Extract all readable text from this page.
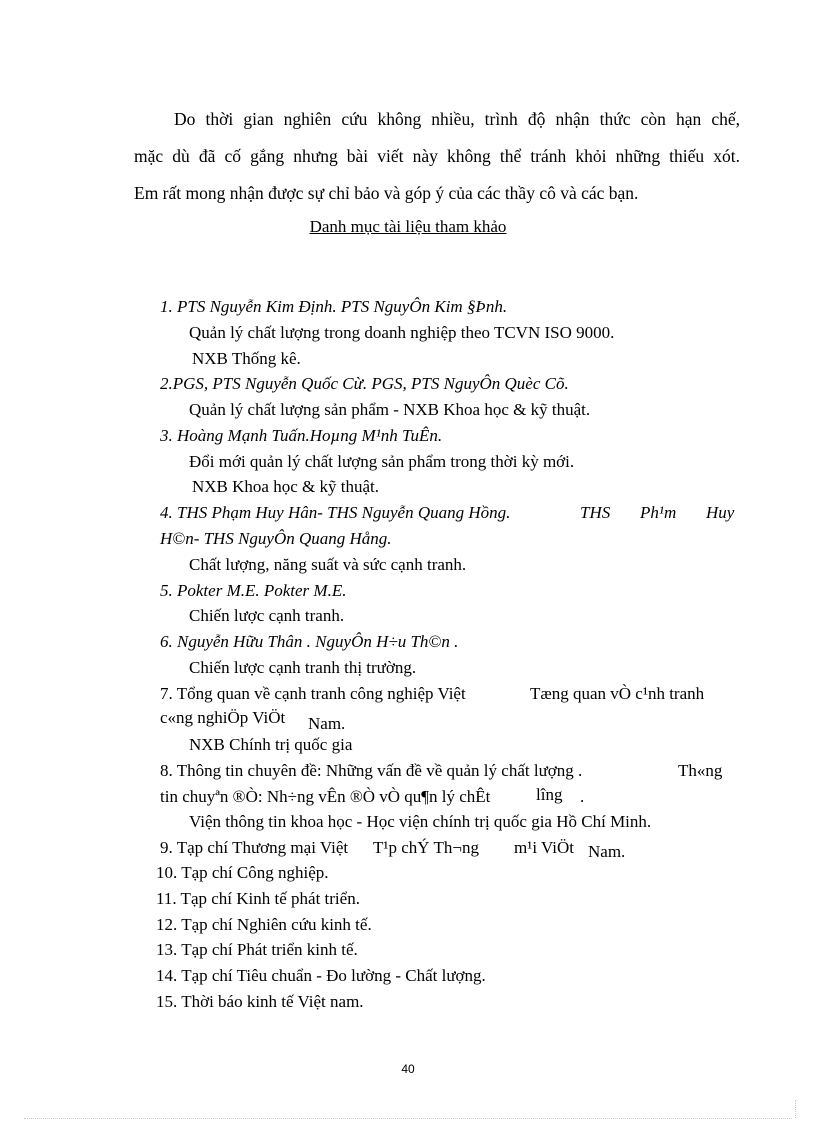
Do thời gian nghiên cứu không nhiều, trình độ nhận thức còn hạn chế,
mặc dù đã cố gắng nhưng bài viết này không thể tránh khỏi những thiếu xót.
Em rất mong nhận được sự chỉ bảo và góp ý của các thầy cô và các bạn.
Danh mục tài liệu tham khảo
1. PTS Nguyễn Kim Định. PTS NguyÔn Kim §Þnh.
Quản lý chất lượng trong doanh nghiệp theo TCVN ISO 9000.
NXB Thống kê.
2.PGS, PTS Nguyễn Quốc Cừ. PGS, PTS NguyÔn Quèc Cõ.
Quản lý chất lượng sản phẩm - NXB Khoa học & kỹ thuật.
3. Hoàng Mạnh Tuấn.Hoµng M¹nh TuÊn.
Đổi mới quản lý chất lượng sản phẩm trong thời kỳ mới.
NXB Khoa học & kỹ thuật.
4. THS Phạm Huy Hân- THS Nguyễn Quang Hồng.	THS Ph¹m Huy
H©n- THS NguyÔn Quang Hång.
Chất lượng, năng suất và sức cạnh tranh.
5. Pokter M.E. Pokter M.E.
Chiến lược cạnh tranh.
6. Nguyễn Hữu Thân . NguyÔn H÷u Th©n .
Chiến lược cạnh tranh thị trường.
7. Tổng quan về cạnh tranh công nghiệp Việt	Tæng quan vÒ c¹nh tranh
c«ng nghiÖp ViÖt Nam.
NXB Chính trị quốc gia
8. Thông tin chuyên đề: Những vấn đề về quản lý chất lượng .	Th«ng
tin chuyªn ®Ò: Nh÷ng vÊn ®Ò vÒ qu¶n lý chÊt	lîng .
Viện thông tin khoa học - Học viện chính trị quốc gia Hồ Chí Minh.
9. Tạp chí Thương mại Việt T¹p chÝ Th¬ng m¹i ViÖt Nam.
10. Tạp chí Công nghiệp.
11. Tạp chí Kinh tế phát triển.
12. Tạp chí Nghiên cứu kinh tế.
13. Tạp chí Phát triển kinh tế.
14. Tạp chí Tiêu chuẩn - Đo lường - Chất lượng.
15. Thời báo kinh tế Việt nam.
40
